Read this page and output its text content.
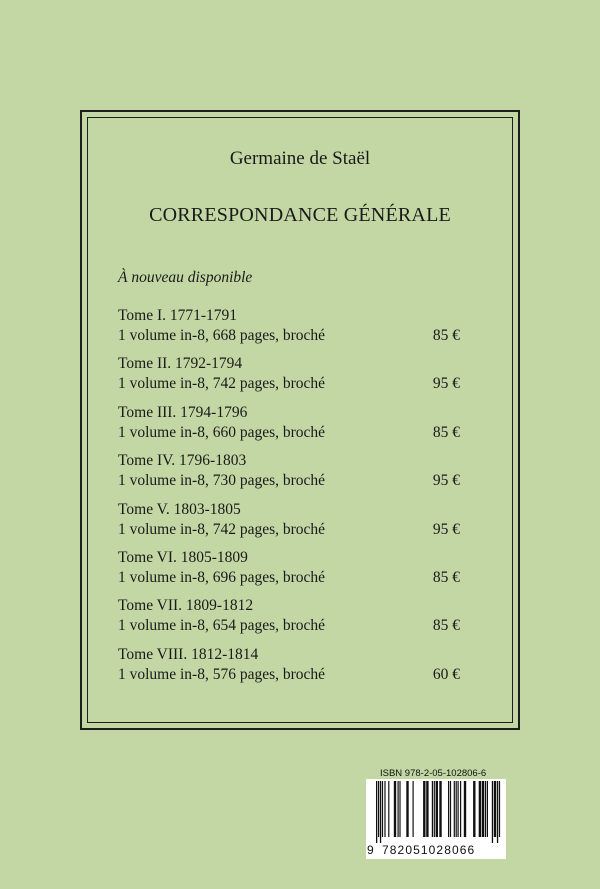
Germaine de Staël
CORRESPONDANCE GÉNÉRALE
À nouveau disponible
Tome I. 1771-1791
1 volume in-8, 668 pages, broché	85 €
Tome II. 1792-1794
1 volume in-8, 742 pages, broché	95 €
Tome III. 1794-1796
1 volume in-8, 660 pages, broché	85 €
Tome IV. 1796-1803
1 volume in-8, 730 pages, broché	95 €
Tome V. 1803-1805
1 volume in-8, 742 pages, broché	95 €
Tome VI. 1805-1809
1 volume in-8, 696 pages, broché	85 €
Tome VII. 1809-1812
1 volume in-8, 654 pages, broché	85 €
Tome VIII. 1812-1814
1 volume in-8, 576 pages, broché	60 €
ISBN 978-2-05-102806-6
9 782051028066
